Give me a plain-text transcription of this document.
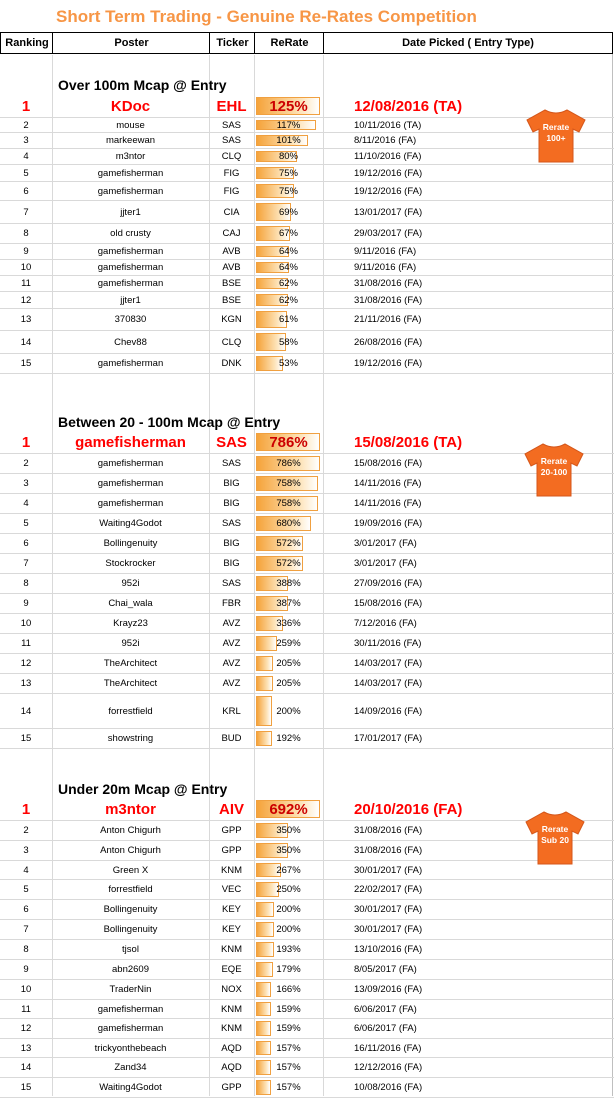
Short Term Trading - Genuine Re-Rates Competition
Ranking	Poster	Ticker	ReRate	Date Picked ( Entry Type)
Over 100m Mcap @ Entry
1	KDoc	EHL	125%	12/08/2016 (TA)
2	mouse	SAS	117%	10/11/2016 (TA)
3	markeewan	SAS	101%	8/11/2016 (FA)
4	m3ntor	CLQ	80%	11/10/2016 (FA)
5	gamefisherman	FIG	75%	19/12/2016 (FA)
6	gamefisherman	FIG	75%	19/12/2016 (FA)
7	jjter1	CIA	69%	13/01/2017 (FA)
8	old crusty	CAJ	67%	29/03/2017 (FA)
9	gamefisherman	AVB	64%	9/11/2016 (FA)
10	gamefisherman	AVB	64%	9/11/2016 (FA)
11	gamefisherman	BSE	62%	31/08/2016 (FA)
12	jjter1	BSE	62%	31/08/2016 (FA)
13	370830	KGN	61%	21/11/2016 (FA)
14	Chev88	CLQ	58%	26/08/2016 (FA)
15	gamefisherman	DNK	53%	19/12/2016 (FA)
Rerate
100+
Between 20 - 100m Mcap @ Entry
1	gamefisherman	SAS	786%	15/08/2016 (TA)
2	gamefisherman	SAS	786%	15/08/2016 (FA)
3	gamefisherman	BIG	758%	14/11/2016 (FA)
4	gamefisherman	BIG	758%	14/11/2016 (FA)
5	Waiting4Godot	SAS	680%	19/09/2016 (FA)
6	Bollingenuity	BIG	572%	3/01/2017 (FA)
7	Stockrocker	BIG	572%	3/01/2017 (FA)
8	952i	SAS	388%	27/09/2016 (FA)
9	Chai_wala	FBR	387%	15/08/2016 (FA)
10	Krayz23	AVZ	336%	7/12/2016 (FA)
11	952i	AVZ	259%	30/11/2016 (FA)
12	TheArchitect	AVZ	205%	14/03/2017 (FA)
13	TheArchitect	AVZ	205%	14/03/2017 (FA)
14	forrestfield	KRL	200%	14/09/2016 (FA)
15	showstring	BUD	192%	17/01/2017 (FA)
Rerate
20-100
Under 20m Mcap @ Entry
1	m3ntor	AIV	692%	20/10/2016 (FA)
2	Anton Chigurh	GPP	350%	31/08/2016 (FA)
3	Anton Chigurh	GPP	350%	31/08/2016 (FA)
4	Green X	KNM	267%	30/01/2017 (FA)
5	forrestfield	VEC	250%	22/02/2017 (FA)
6	Bollingenuity	KEY	200%	30/01/2017 (FA)
7	Bollingenuity	KEY	200%	30/01/2017 (FA)
8	tjsol	KNM	193%	13/10/2016 (FA)
9	abn2609	EQE	179%	8/05/2017 (FA)
10	TraderNin	NOX	166%	13/09/2016 (FA)
11	gamefisherman	KNM	159%	6/06/2017 (FA)
12	gamefisherman	KNM	159%	6/06/2017 (FA)
13	trickyonthebeach	AQD	157%	16/11/2016 (FA)
14	Zand34	AQD	157%	12/12/2016 (FA)
15	Waiting4Godot	GPP	157%	10/08/2016 (FA)
Rerate
Sub 20
